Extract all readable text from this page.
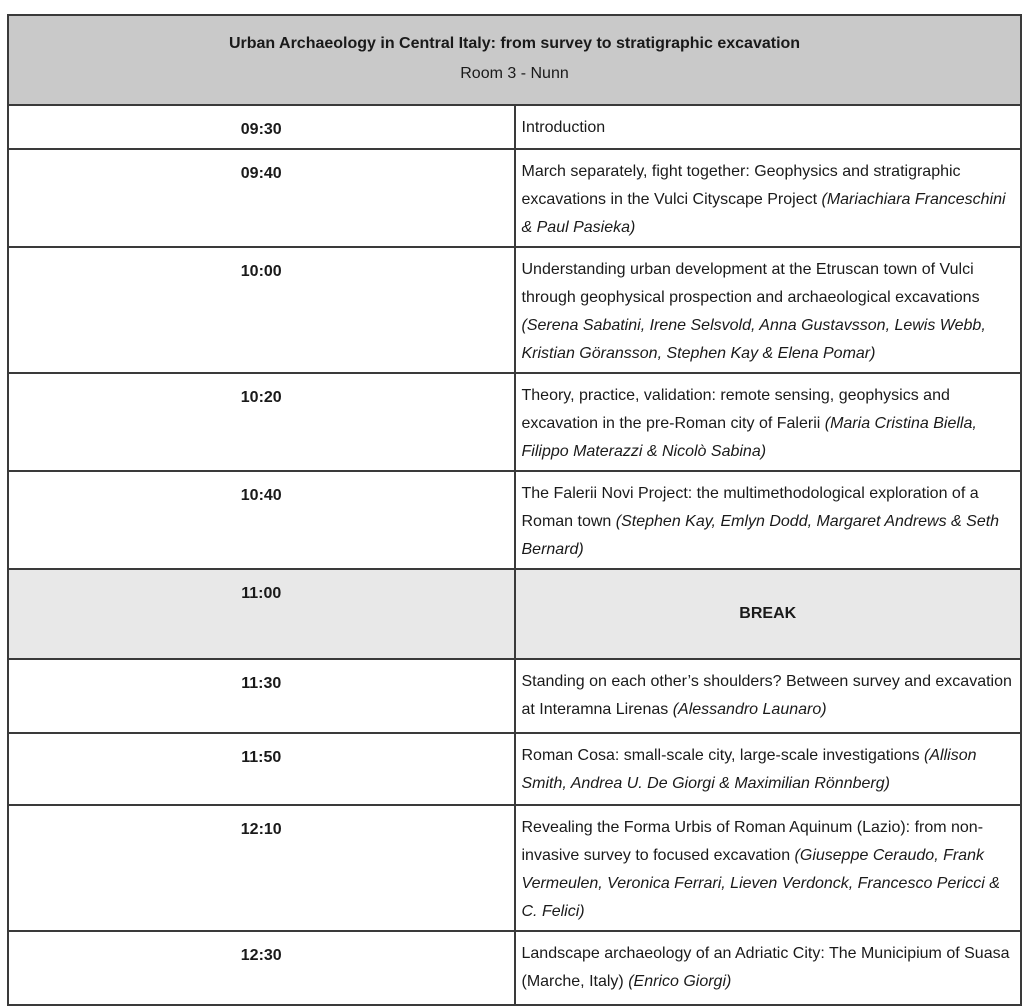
Urban Archaeology in Central Italy: from survey to stratigraphic excavation
Room 3 - Nunn	

09:30	Introduction
09:40	March separately, fight together: Geophysics and stratigraphic excavations in the Vulci Cityscape Project (Mariachiara Franceschini & Paul Pasieka)
10:00	Understanding urban development at the Etruscan town of Vulci through geophysical prospection and archaeological excavations (Serena Sabatini, Irene Selsvold, Anna Gustavsson, Lewis Webb, Kristian Göransson, Stephen Kay & Elena Pomar)
10:20	Theory, practice, validation: remote sensing, geophysics and excavation in the pre-Roman city of Falerii (Maria Cristina Biella, Filippo Materazzi & Nicolò Sabina)
10:40	The Falerii Novi Project: the multimethodological exploration of a Roman town (Stephen Kay, Emlyn Dodd, Margaret Andrews & Seth Bernard)
11:00	BREAK
11:30	Standing on each other’s shoulders? Between survey and excavation at Interamna Lirenas (Alessandro Launaro)
11:50	Roman Cosa: small-scale city, large-scale investigations (Allison Smith, Andrea U. De Giorgi & Maximilian Rönnberg)
12:10	Revealing the Forma Urbis of Roman Aquinum (Lazio): from non-invasive survey to focused excavation (Giuseppe Ceraudo, Frank Vermeulen, Veronica Ferrari, Lieven Verdonck, Francesco Pericci & C. Felici)
12:30	Landscape archaeology of an Adriatic City: The Municipium of Suasa (Marche, Italy) (Enrico Giorgi)
